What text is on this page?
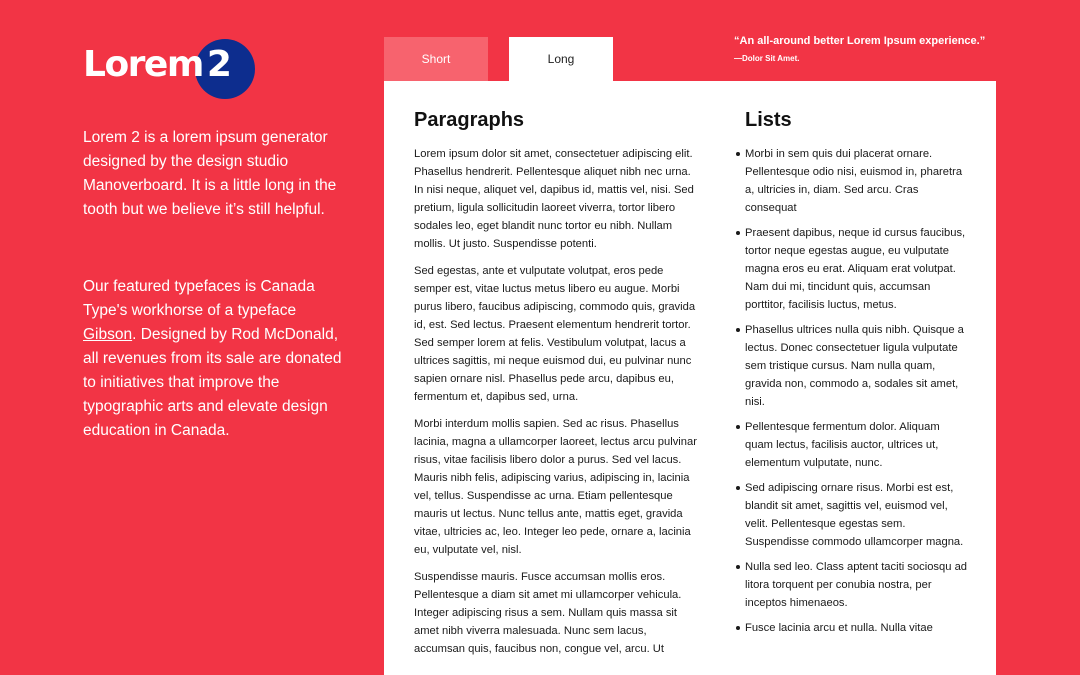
Lorem 2

Lorem 2 is a lorem ipsum generator designed by the design studio Manoverboard. It is a little long in the tooth but we believe it’s still helpful.

Our featured typefaces is Canada Type's workhorse of a typeface Gibson. Designed by Rod McDonald, all revenues from its sale are donated to initiatives that improve the typographic arts and elevate design education in Canada.

Short	Long
“An all-around better Lorem Ipsum experience.”
—Dolor Sit Amet.
Paragraphs

Lorem ipsum dolor sit amet, consectetuer adipiscing elit. Phasellus hendrerit. Pellentesque aliquet nibh nec urna. In nisi neque, aliquet vel, dapibus id, mattis vel, nisi. Sed pretium, ligula sollicitudin laoreet viverra, tortor libero sodales leo, eget blandit nunc tortor eu nibh. Nullam mollis. Ut justo. Suspendisse potenti.

Sed egestas, ante et vulputate volutpat, eros pede semper est, vitae luctus metus libero eu augue. Morbi purus libero, faucibus adipiscing, commodo quis, gravida id, est. Sed lectus. Praesent elementum hendrerit tortor. Sed semper lorem at felis. Vestibulum volutpat, lacus a ultrices sagittis, mi neque euismod dui, eu pulvinar nunc sapien ornare nisl. Phasellus pede arcu, dapibus eu, fermentum et, dapibus sed, urna.

Morbi interdum mollis sapien. Sed ac risus. Phasellus lacinia, magna a ullamcorper laoreet, lectus arcu pulvinar risus, vitae facilisis libero dolor a purus. Sed vel lacus. Mauris nibh felis, adipiscing varius, adipiscing in, lacinia vel, tellus. Suspendisse ac urna. Etiam pellentesque mauris ut lectus. Nunc tellus ante, mattis eget, gravida vitae, ultricies ac, leo. Integer leo pede, ornare a, lacinia eu, vulputate vel, nisl.

Suspendisse mauris. Fusce accumsan mollis eros. Pellentesque a diam sit amet mi ullamcorper vehicula. Integer adipiscing risus a sem. Nullam quis massa sit amet nibh viverra malesuada. Nunc sem lacus, accumsan quis, faucibus non, congue vel, arcu. Ut

Lists
Morbi in sem quis dui placerat ornare. Pellentesque odio nisi, euismod in, pharetra a, ultricies in, diam. Sed arcu. Cras consequat
Praesent dapibus, neque id cursus faucibus, tortor neque egestas augue, eu vulputate magna eros eu erat. Aliquam erat volutpat. Nam dui mi, tincidunt quis, accumsan porttitor, facilisis luctus, metus.
Phasellus ultrices nulla quis nibh. Quisque a lectus. Donec consectetuer ligula vulputate sem tristique cursus. Nam nulla quam, gravida non, commodo a, sodales sit amet, nisi.
Pellentesque fermentum dolor. Aliquam quam lectus, facilisis auctor, ultrices ut, elementum vulputate, nunc.
Sed adipiscing ornare risus. Morbi est est, blandit sit amet, sagittis vel, euismod vel, velit. Pellentesque egestas sem. Suspendisse commodo ullamcorper magna.
Nulla sed leo. Class aptent taciti sociosqu ad litora torquent per conubia nostra, per inceptos himenaeos.
Fusce lacinia arcu et nulla. Nulla vitae
